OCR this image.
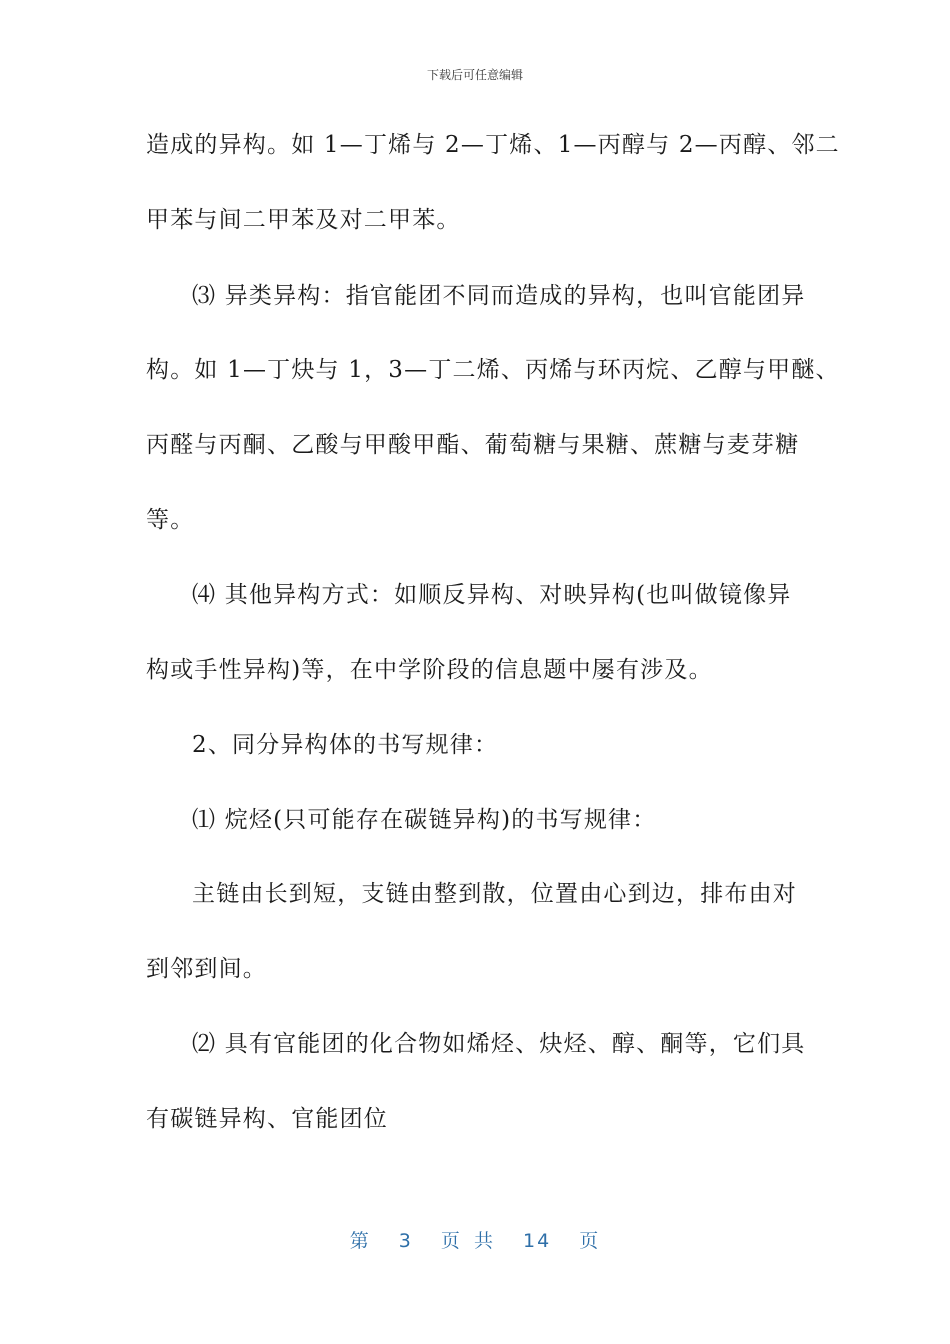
下载后可任意编辑
造成的异构。如 1—丁烯与 2—丁烯、1—丙醇与 2—丙醇、邻二
甲苯与间二甲苯及对二甲苯。
⑶ 异类异构：指官能团不同而造成的异构，也叫官能团异
构。如 1—丁炔与 1，3—丁二烯、丙烯与环丙烷、乙醇与甲醚、
丙醛与丙酮、乙酸与甲酸甲酯、葡萄糖与果糖、蔗糖与麦芽糖
等。
⑷ 其他异构方式：如顺反异构、对映异构(也叫做镜像异
构或手性异构)等，在中学阶段的信息题中屡有涉及。
2、同分异构体的书写规律：
⑴ 烷烃(只可能存在碳链异构)的书写规律：
主链由长到短，支链由整到散，位置由心到边，排布由对
到邻到间。
⑵ 具有官能团的化合物如烯烃、炔烃、醇、酮等，它们具
有碳链异构、官能团位
第 3 页 共 14 页
